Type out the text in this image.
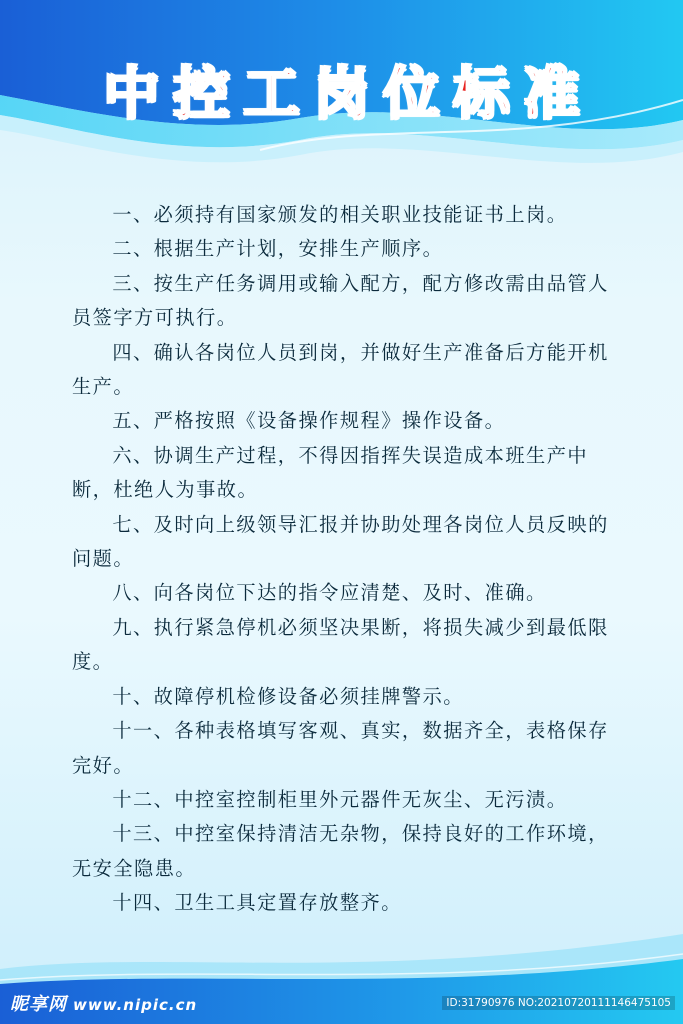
中控工岗位标准
一、必须持有国家颁发的相关职业技能证书上岗。
二、根据生产计划，安排生产顺序。
三、按生产任务调用或输入配方，配方修改需由品管人员签字方可执行。
四、确认各岗位人员到岗，并做好生产准备后方能开机生产。
五、严格按照《设备操作规程》操作设备。
六、协调生产过程，不得因指挥失误造成本班生产中断，杜绝人为事故。
七、及时向上级领导汇报并协助处理各岗位人员反映的问题。
八、向各岗位下达的指令应清楚、及时、准确。
九、执行紧急停机必须坚决果断，将损失减少到最低限度。
十、故障停机检修设备必须挂牌警示。
十一、各种表格填写客观、真实，数据齐全，表格保存完好。
十二、中控室控制柜里外元器件无灰尘、无污渍。
十三、中控室保持清洁无杂物，保持良好的工作环境，无安全隐患。
十四、卫生工具定置存放整齐。
昵享网 www.nipic.cn	ID:31790976 NO:20210720111146475105
